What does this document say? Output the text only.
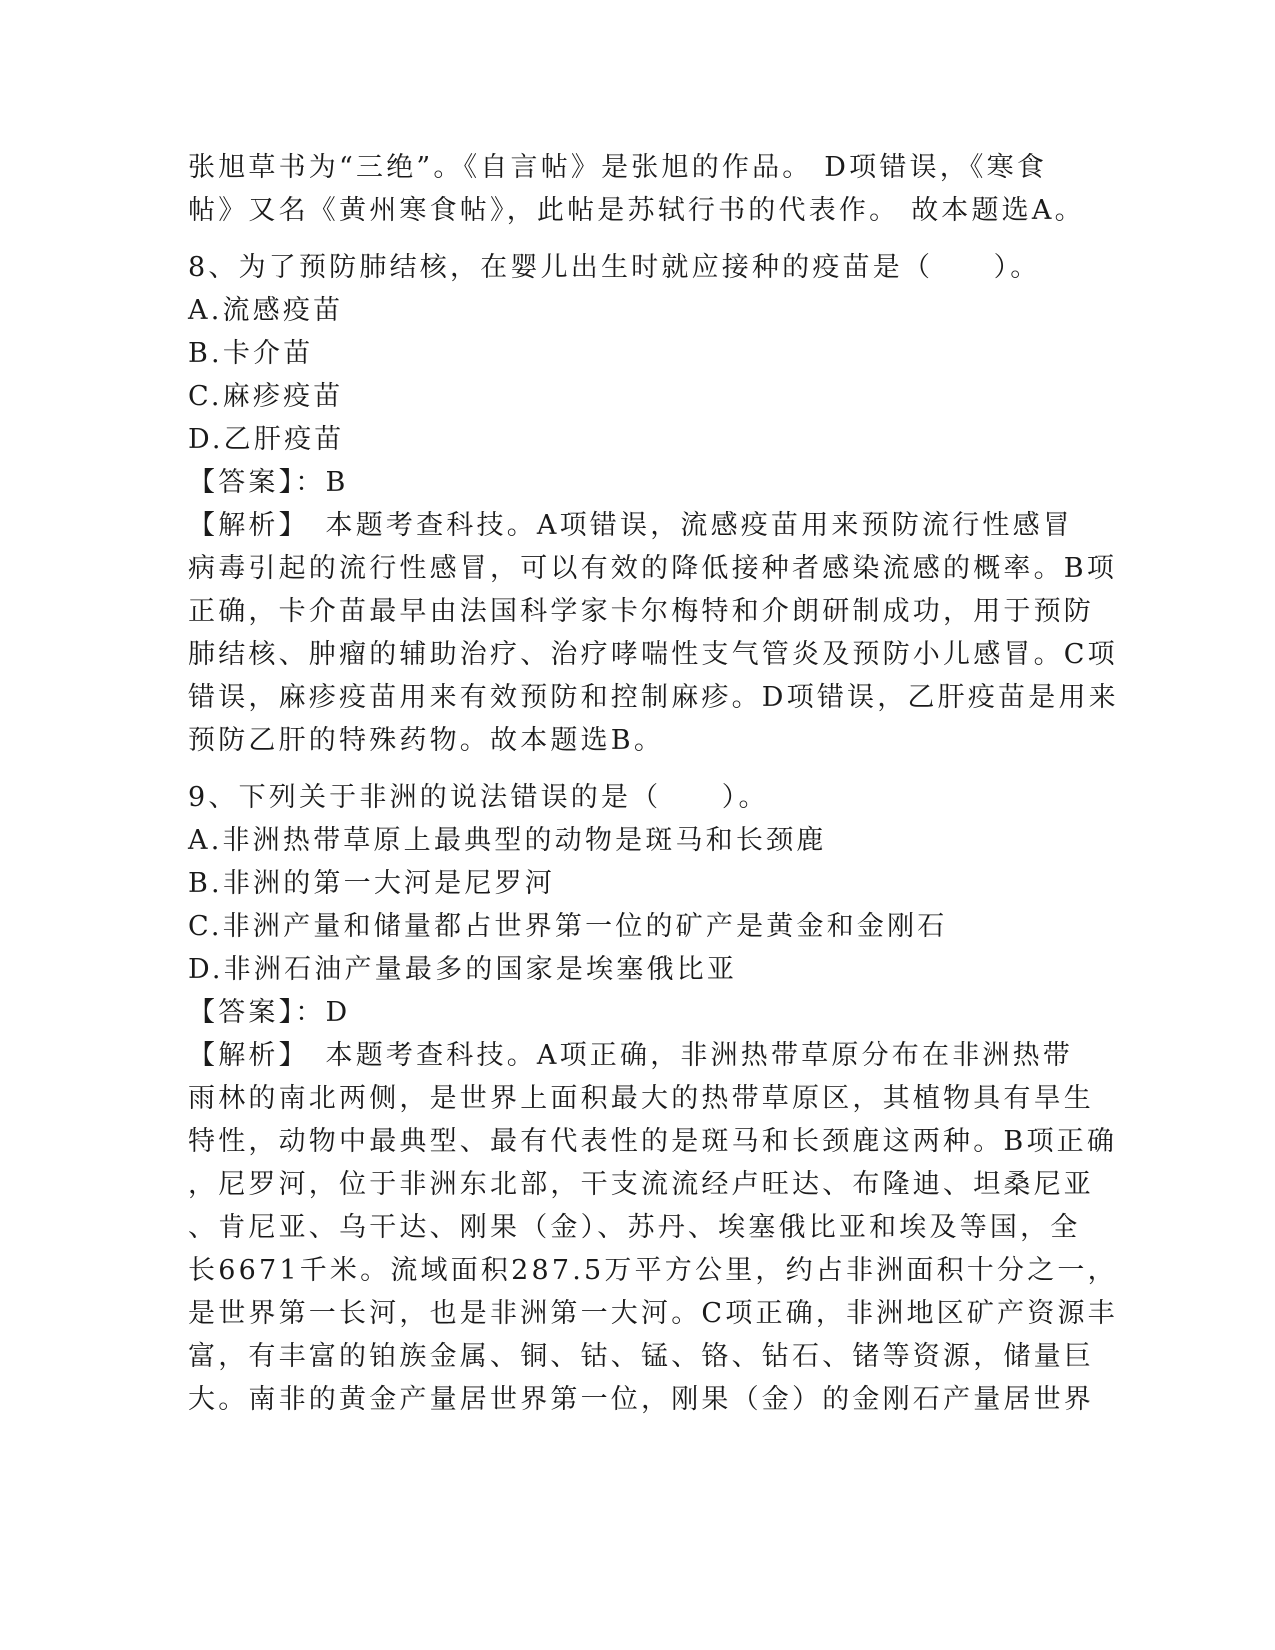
张旭草书为“三绝”。《自言帖》是张旭的作品。 D项错误，《寒食
帖》又名《黄州寒食帖》，此帖是苏轼行书的代表作。 故本题选A。
8、为了预防肺结核，在婴儿出生时就应接种的疫苗是（　　）。
A.流感疫苗
B.卡介苗
C.麻疹疫苗
D.乙肝疫苗
【答案】：B
【解析】　本题考查科技。A项错误，流感疫苗用来预防流行性感冒
病毒引起的流行性感冒，可以有效的降低接种者感染流感的概率。B项
正确，卡介苗最早由法国科学家卡尔梅特和介朗研制成功，用于预防
肺结核、肿瘤的辅助治疗、治疗哮喘性支气管炎及预防小儿感冒。C项
错误，麻疹疫苗用来有效预防和控制麻疹。D项错误，乙肝疫苗是用来
预防乙肝的特殊药物。故本题选B。
9、下列关于非洲的说法错误的是（　　）。
A.非洲热带草原上最典型的动物是斑马和长颈鹿
B.非洲的第一大河是尼罗河
C.非洲产量和储量都占世界第一位的矿产是黄金和金刚石
D.非洲石油产量最多的国家是埃塞俄比亚
【答案】：D
【解析】　本题考查科技。A项正确，非洲热带草原分布在非洲热带
雨林的南北两侧，是世界上面积最大的热带草原区，其植物具有旱生
特性，动物中最典型、最有代表性的是斑马和长颈鹿这两种。B项正确
，尼罗河，位于非洲东北部，干支流流经卢旺达、布隆迪、坦桑尼亚
、肯尼亚、乌干达、刚果（金）、苏丹、埃塞俄比亚和埃及等国，全
长6671千米。流域面积287.5万平方公里，约占非洲面积十分之一，
是世界第一长河，也是非洲第一大河。C项正确，非洲地区矿产资源丰
富，有丰富的铂族金属、铜、钴、锰、铬、钻石、锗等资源，储量巨
大。南非的黄金产量居世界第一位，刚果（金）的金刚石产量居世界
